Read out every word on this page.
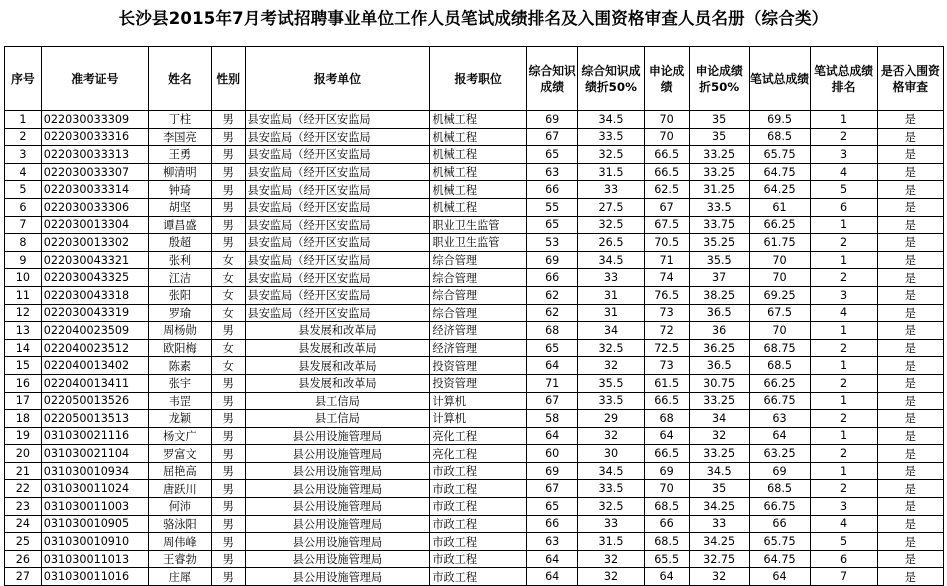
长沙县2015年7月考试招聘事业单位工作人员笔试成绩排名及入围资格审查人员名册（综合类）
序号	准考证号	姓名	性别	报考单位	报考职位	综合知识成绩	综合知识成绩折50%	申论成绩	申论成绩折50%	笔试总成绩	笔试总成绩排名	是否入围资格审查
1	022030033309	丁柱	男	县安监局（经开区安监局	机械工程	69	34.5	70	35	69.5	1	是
2	022030033316	李国亮	男	县安监局（经开区安监局	机械工程	67	33.5	70	35	68.5	2	是
3	022030033313	王勇	男	县安监局（经开区安监局	机械工程	65	32.5	66.5	33.25	65.75	3	是
4	022030033307	柳清明	男	县安监局（经开区安监局	机械工程	63	31.5	66.5	33.25	64.75	4	是
5	022030033314	钟琦	男	县安监局（经开区安监局	机械工程	66	33	62.5	31.25	64.25	5	是
6	022030033306	胡坚	男	县安监局（经开区安监局	机械工程	55	27.5	67	33.5	61	6	是
7	022030013304	谭昌盛	男	县安监局（经开区安监局	职业卫生监管	65	32.5	67.5	33.75	66.25	1	是
8	022030013302	殷超	男	县安监局（经开区安监局	职业卫生监管	53	26.5	70.5	35.25	61.75	2	是
9	022030043321	张利	女	县安监局（经开区安监局	综合管理	69	34.5	71	35.5	70	1	是
10	022030043325	江洁	女	县安监局（经开区安监局	综合管理	66	33	74	37	70	2	是
11	022030043318	张阳	女	县安监局（经开区安监局	综合管理	62	31	76.5	38.25	69.25	3	是
12	022030043319	罗瑜	女	县安监局（经开区安监局	综合管理	62	31	73	36.5	67.5	4	是
13	022040023509	周杨勋	男	县发展和改革局	经济管理	68	34	72	36	70	1	是
14	022040023512	欧阳梅	女	县发展和改革局	经济管理	65	32.5	72.5	36.25	68.75	2	是
15	022040013402	陈素	女	县发展和改革局	投资管理	64	32	73	36.5	68.5	1	是
16	022040013411	张宇	男	县发展和改革局	投资管理	71	35.5	61.5	30.75	66.25	2	是
17	022050013526	韦罡	男	县工信局	计算机	67	33.5	66.5	33.25	66.75	1	是
18	022050013513	龙颖	男	县工信局	计算机	58	29	68	34	63	2	是
19	031030021116	杨文广	男	县公用设施管理局	亮化工程	64	32	64	32	64	1	是
20	031030021104	罗富文	男	县公用设施管理局	亮化工程	60	30	66.5	33.25	63.25	2	是
21	031030010934	屈艳高	男	县公用设施管理局	市政工程	69	34.5	69	34.5	69	1	是
22	031030011024	唐跃川	男	县公用设施管理局	市政工程	67	33.5	70	35	68.5	2	是
23	031030011003	何沛	男	县公用设施管理局	市政工程	65	32.5	68.5	34.25	66.75	3	是
24	031030010905	骆泳阳	男	县公用设施管理局	市政工程	66	33	66	33	66	4	是
25	031030010910	周伟峰	男	县公用设施管理局	市政工程	63	31.5	68.5	34.25	65.75	5	是
26	031030011013	王睿勃	男	县公用设施管理局	市政工程	64	32	65.5	32.75	64.75	6	是
27	031030011016	庄犀	男	县公用设施管理局	市政工程	64	32	64	32	64	7	是
